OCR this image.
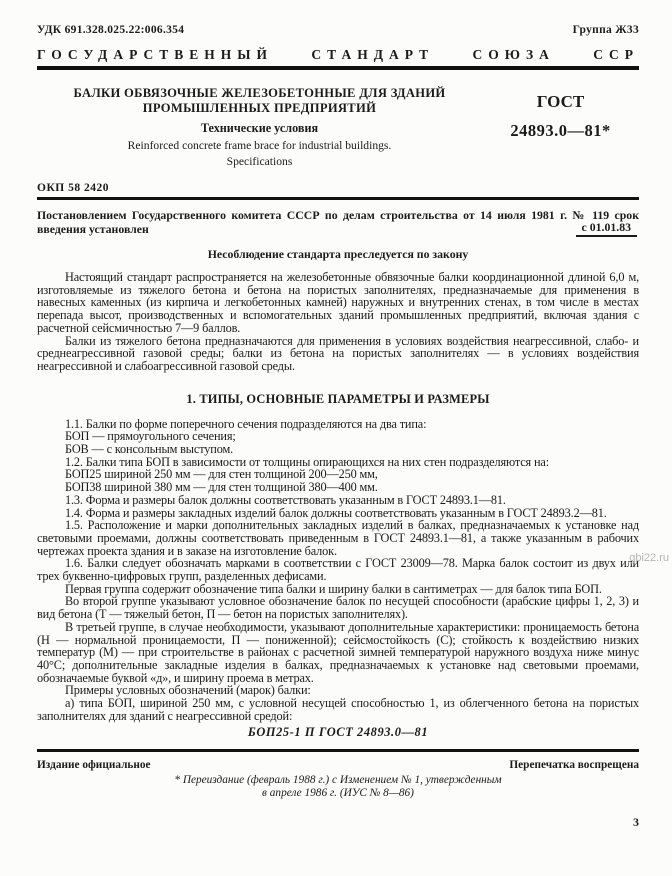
УДК 691.328.025.22:006.354	Группа Ж33
ГОСУДАРСТВЕННЫЙ	СТАНДАРТ	СОЮЗА	ССР
БАЛКИ ОБВЯЗОЧНЫЕ ЖЕЛЕЗОБЕТОННЫЕ ДЛЯ ЗДАНИЙ
ПРОМЫШЛЕННЫХ ПРЕДПРИЯТИЙ
Технические условия
Reinforced concrete frame brace for industrial buildings.
Specifications
ГОСТ
24893.0—81*
ОКП 58 2420
Постановлением Государственного комитета СССР по делам строительства от 14 июля 1981 г. № 119 срок введения установлен	с 01.01.83
Несоблюдение стандарта преследуется по закону
Настоящий стандарт распространяется на железобетонные обвязочные балки координационной длиной 6,0 м, изготовляемые из тяжелого бетона и бетона на пористых заполнителях, предназначаемые для применения в навесных каменных (из кирпича и легкобетонных камней) наружных и внутренних стенах, в том числе в местах перепада высот, производственных и вспомогательных зданий промышленных предприятий, включая здания с расчетной сейсмичностью 7—9 баллов.
Балки из тяжелого бетона предназначаются для применения в условиях воздействия неагрессивной, слабо- и среднеагрессивной газовой среды; балки из бетона на пористых заполнителях — в условиях воздействия неагрессивной и слабоагрессивной газовой среды.
1. ТИПЫ, ОСНОВНЫЕ ПАРАМЕТРЫ И РАЗМЕРЫ
1.1. Балки по форме поперечного сечения подразделяются на два типа:
БОП — прямоугольного сечения;
БОВ — с консольным выступом.
1.2. Балки типа БОП в зависимости от толщины опирающихся на них стен подразделяются на:
БОП25 шириной 250 мм — для стен толщиной 200—250 мм,
БОП38 шириной 380 мм — для стен толщиной 380—400 мм.
1.3. Форма и размеры балок должны соответствовать указанным в ГОСТ 24893.1—81.
1.4. Форма и размеры закладных изделий балок должны соответствовать указанным в ГОСТ 24893.2—81.
1.5. Расположение и марки дополнительных закладных изделий в балках, предназначаемых к установке над световыми проемами, должны соответствовать приведенным в ГОСТ 24893.1—81, а также указанным в рабочих чертежах проекта здания и в заказе на изготовление балок.
1.6. Балки следует обозначать марками в соответствии с ГОСТ 23009—78. Марка балок состоит из двух или трех буквенно-цифровых групп, разделенных дефисами.
Первая группа содержит обозначение типа балки и ширину балки в сантиметрах — для балок типа БОП.
Во второй группе указывают условное обозначение балок по несущей способности (арабские цифры 1, 2, 3) и вид бетона (Т — тяжелый бетон, П — бетон на пористых заполнителях).
В третьей группе, в случае необходимости, указывают дополнительные характеристики: проницаемость бетона (Н — нормальной проницаемости, П — пониженной); сейсмостойкость (С); стойкость к воздействию низких температур (М) — при строительстве в районах с расчетной зимней температурой наружного воздуха ниже минус 40°С; дополнительные закладные изделия в балках, предназначаемых к установке над световыми проемами, обозначаемые буквой «д», и ширину проема в метрах.
Примеры условных обозначений (марок) балки:
а) типа БОП, шириной 250 мм, с условной несущей способностью 1, из облегченного бетона на пористых заполнителях для зданий с неагрессивной средой:
БОП25-1 П ГОСТ 24893.0—81
Издание официальное	Перепечатка воспрещена
* Переиздание (февраль 1988 г.) с Изменением № 1, утвержденным
в апреле 1986 г. (ИУС № 8—86)
3
gbi22.ru
